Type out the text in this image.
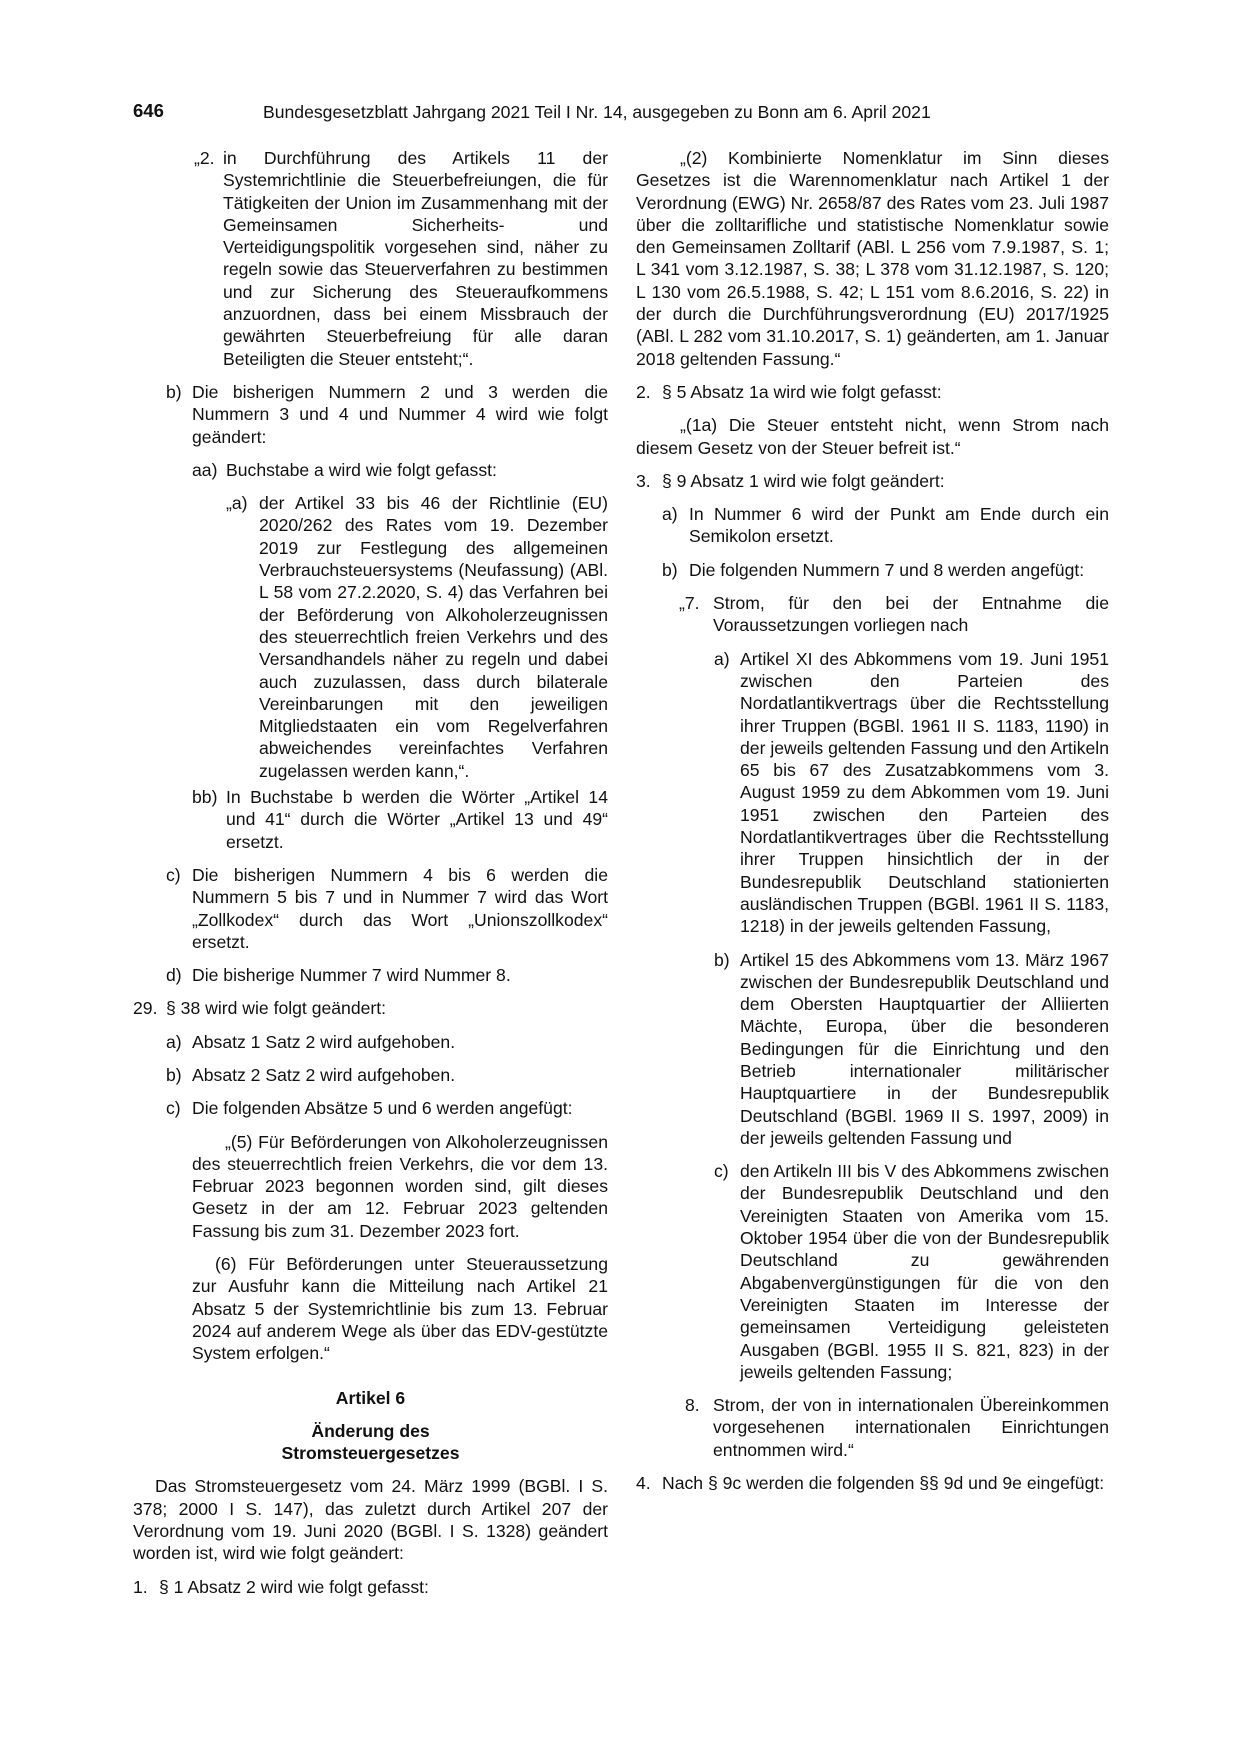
646	Bundesgesetzblatt Jahrgang 2021 Teil I Nr. 14, ausgegeben zu Bonn am 6. April 2021
„2. in Durchführung des Artikels 11 der Systemrichtlinie die Steuerbefreiungen, die für Tätigkeiten der Union im Zusammenhang mit der Gemeinsamen Sicherheits- und Verteidigungspolitik vorgesehen sind, näher zu regeln sowie das Steuerverfahren zu bestimmen und zur Sicherung des Steueraufkommens anzuordnen, dass bei einem Missbrauch der gewährten Steuerbefreiung für alle daran Beteiligten die Steuer entsteht;“.
b) Die bisherigen Nummern 2 und 3 werden die Nummern 3 und 4 und Nummer 4 wird wie folgt geändert:
aa) Buchstabe a wird wie folgt gefasst:
„a) der Artikel 33 bis 46 der Richtlinie (EU) 2020/262 des Rates vom 19. Dezember 2019 zur Festlegung des allgemeinen Verbrauchsteuersystems (Neufassung) (ABl. L 58 vom 27.2.2020, S. 4) das Verfahren bei der Beförderung von Alkoholerzeugnissen des steuerrechtlich freien Verkehrs und des Versandhandels näher zu regeln und dabei auch zuzulassen, dass durch bilaterale Vereinbarungen mit den jeweiligen Mitgliedstaaten ein vom Regelverfahren abweichendes vereinfachtes Verfahren zugelassen werden kann,“.
bb) In Buchstabe b werden die Wörter „Artikel 14 und 41“ durch die Wörter „Artikel 13 und 49“ ersetzt.
c) Die bisherigen Nummern 4 bis 6 werden die Nummern 5 bis 7 und in Nummer 7 wird das Wort „Zollkodex“ durch das Wort „Unionszollkodex“ ersetzt.
d) Die bisherige Nummer 7 wird Nummer 8.
29. § 38 wird wie folgt geändert:
a) Absatz 1 Satz 2 wird aufgehoben.
b) Absatz 2 Satz 2 wird aufgehoben.
c) Die folgenden Absätze 5 und 6 werden angefügt:

„(5) Für Beförderungen von Alkoholerzeugnissen des steuerrechtlich freien Verkehrs, die vor dem 13. Februar 2023 begonnen worden sind, gilt dieses Gesetz in der am 12. Februar 2023 geltenden Fassung bis zum 31. Dezember 2023 fort.

(6) Für Beförderungen unter Steueraussetzung zur Ausfuhr kann die Mitteilung nach Artikel 21 Absatz 5 der Systemrichtlinie bis zum 13. Februar 2024 auf anderem Wege als über das EDV-gestützte System erfolgen.“

Artikel 6
Änderung des
Stromsteuergesetzes

Das Stromsteuergesetz vom 24. März 1999 (BGBl. I S. 378; 2000 I S. 147), das zuletzt durch Artikel 207 der Verordnung vom 19. Juni 2020 (BGBl. I S. 1328) geändert worden ist, wird wie folgt geändert:

1. § 1 Absatz 2 wird wie folgt gefasst:

„(2) Kombinierte Nomenklatur im Sinn dieses Gesetzes ist die Warennomenklatur nach Artikel 1 der Verordnung (EWG) Nr. 2658/87 des Rates vom 23. Juli 1987 über die zolltarifliche und statistische Nomenklatur sowie den Gemeinsamen Zolltarif (ABl. L 256 vom 7.9.1987, S. 1; L 341 vom 3.12.1987, S. 38; L 378 vom 31.12.1987, S. 120; L 130 vom 26.5.1988, S. 42; L 151 vom 8.6.2016, S. 22) in der durch die Durchführungsverordnung (EU) 2017/1925 (ABl. L 282 vom 31.10.2017, S. 1) geänderten, am 1. Januar 2018 geltenden Fassung.“

2. § 5 Absatz 1a wird wie folgt gefasst:

„(1a) Die Steuer entsteht nicht, wenn Strom nach diesem Gesetz von der Steuer befreit ist.“

3. § 9 Absatz 1 wird wie folgt geändert:
a) In Nummer 6 wird der Punkt am Ende durch ein Semikolon ersetzt.
b) Die folgenden Nummern 7 und 8 werden angefügt:
„7. Strom, für den bei der Entnahme die Voraussetzungen vorliegen nach
a) Artikel XI des Abkommens vom 19. Juni 1951 zwischen den Parteien des Nordatlantikvertrags über die Rechtsstellung ihrer Truppen (BGBl. 1961 II S. 1183, 1190) in der jeweils geltenden Fassung und den Artikeln 65 bis 67 des Zusatzabkommens vom 3. August 1959 zu dem Abkommen vom 19. Juni 1951 zwischen den Parteien des Nordatlantikvertrages über die Rechtsstellung ihrer Truppen hinsichtlich der in der Bundesrepublik Deutschland stationierten ausländischen Truppen (BGBl. 1961 II S. 1183, 1218) in der jeweils geltenden Fassung,
b) Artikel 15 des Abkommens vom 13. März 1967 zwischen der Bundesrepublik Deutschland und dem Obersten Hauptquartier der Alliierten Mächte, Europa, über die besonderen Bedingungen für die Einrichtung und den Betrieb internationaler militärischer Hauptquartiere in der Bundesrepublik Deutschland (BGBl. 1969 II S. 1997, 2009) in der jeweils geltenden Fassung und
c) den Artikeln III bis V des Abkommens zwischen der Bundesrepublik Deutschland und den Vereinigten Staaten von Amerika vom 15. Oktober 1954 über die von der Bundesrepublik Deutschland zu gewährenden Abgabenvergünstigungen für die von den Vereinigten Staaten im Interesse der gemeinsamen Verteidigung geleisteten Ausgaben (BGBl. 1955 II S. 821, 823) in der jeweils geltenden Fassung;
8. Strom, der von in internationalen Übereinkommen vorgesehenen internationalen Einrichtungen entnommen wird.“
4. Nach § 9c werden die folgenden §§ 9d und 9e eingefügt:
